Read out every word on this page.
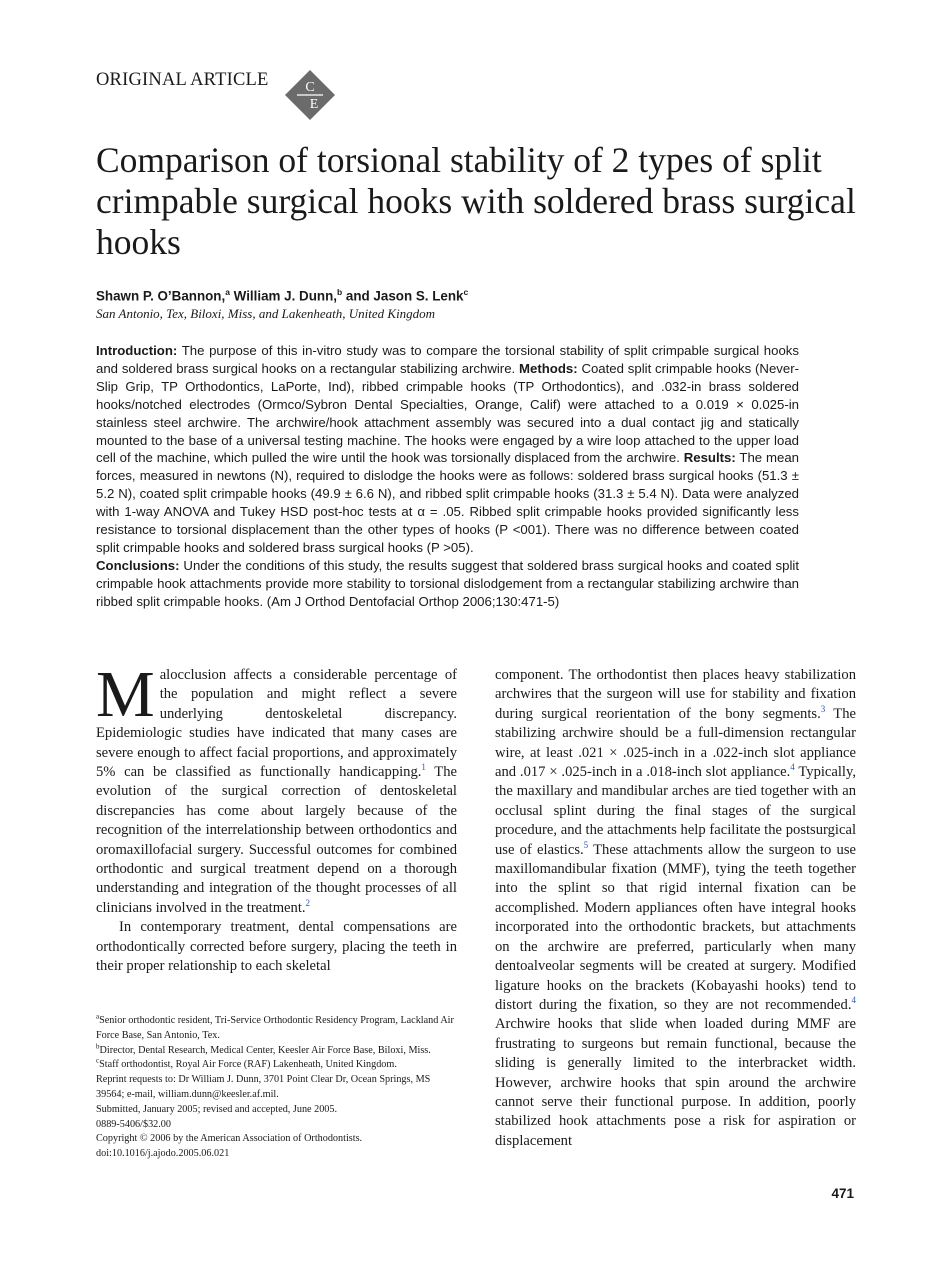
ORIGINAL ARTICLE	C
E
Comparison of torsional stability of 2 types of split crimpable surgical hooks with soldered brass surgical hooks
Shawn P. O’Bannon,$^a$ William J. Dunn,$^b$ and Jason S. Lenk$^c$
San Antonio, Tex, Biloxi, Miss, and Lakenheath, United Kingdom

Introduction: The purpose of this in-vitro study was to compare the torsional stability of split crimpable surgical hooks and soldered brass surgical hooks on a rectangular stabilizing archwire. Methods: Coated split crimpable hooks (Never-Slip Grip, TP Orthodontics, LaPorte, Ind), ribbed crimpable hooks (TP Orthodontics), and .032-in brass soldered hooks/notched electrodes (Ormco/Sybron Dental Specialties, Orange, Calif) were attached to a 0.019 × 0.025-in stainless steel archwire. The archwire/hook attachment assembly was secured into a dual contact jig and statically mounted to the base of a universal testing machine. The hooks were engaged by a wire loop attached to the upper load cell of the machine, which pulled the wire until the hook was torsionally displaced from the archwire. Results: The mean forces, measured in newtons (N), required to dislodge the hooks were as follows: soldered brass surgical hooks (51.3 ± 5.2 N), coated split crimpable hooks (49.9 ± 6.6 N), and ribbed split crimpable hooks (31.3 ± 5.4 N). Data were analyzed with 1-way ANOVA and Tukey HSD post-hoc tests at α = .05. Ribbed split crimpable hooks provided significantly less resistance to torsional displacement than the other types of hooks (P <001). There was no difference between coated split crimpable hooks and soldered brass surgical hooks (P >05).
Conclusions: Under the conditions of this study, the results suggest that soldered brass surgical hooks and coated split crimpable hook attachments provide more stability to torsional dislodgement from a rectangular stabilizing archwire than ribbed split crimpable hooks. (Am J Orthod Dentofacial Orthop 2006;130:471-5)

Malocclusion affects a considerable percentage of the population and might reflect a severe underlying dentoskeletal discrepancy. Epidemiologic studies have indicated that many cases are severe enough to affect facial proportions, and approximately 5% can be classified as functionally handicapping.$^1$ The evolution of the surgical correction of dentoskeletal discrepancies has come about largely because of the recognition of the interrelationship between orthodontics and oromaxillofacial surgery. Successful outcomes for combined orthodontic and surgical treatment depend on a thorough understanding and integration of the thought processes of all clinicians involved in the treatment.$^2$

In contemporary treatment, dental compensations are orthodontically corrected before surgery, placing the teeth in their proper relationship to each skeletal

component. The orthodontist then places heavy stabilization archwires that the surgeon will use for stability and fixation during surgical reorientation of the bony segments.$^3$ The stabilizing archwire should be a full-dimension rectangular wire, at least .021 × .025-inch in a .022-inch slot appliance and .017 × .025-inch in a .018-inch slot appliance.$^4$ Typically, the maxillary and mandibular arches are tied together with an occlusal splint during the final stages of the surgical procedure, and the attachments help facilitate the postsurgical use of elastics.$^5$ These attachments allow the surgeon to use maxillomandibular fixation (MMF), tying the teeth together into the splint so that rigid internal fixation can be accomplished. Modern appliances often have integral hooks incorporated into the orthodontic brackets, but attachments on the archwire are preferred, particularly when many dentoalveolar segments will be created at surgery. Modified ligature hooks on the brackets (Kobayashi hooks) tend to distort during the fixation, so they are not recommended.$^4$ Archwire hooks that slide when loaded during MMF are frustrating to surgeons but remain functional, because the sliding is generally limited to the interbracket width. However, archwire hooks that spin around the archwire cannot serve their functional purpose. In addition, poorly stabilized hook attachments pose a risk for aspiration or displacement

$^a$Senior orthodontic resident, Tri-Service Orthodontic Residency Program, Lackland Air Force Base, San Antonio, Tex.
$^b$Director, Dental Research, Medical Center, Keesler Air Force Base, Biloxi, Miss.
$^c$Staff orthodontist, Royal Air Force (RAF) Lakenheath, United Kingdom.
Reprint requests to: Dr William J. Dunn, 3701 Point Clear Dr, Ocean Springs, MS 39564; e-mail, william.dunn@keesler.af.mil.
Submitted, January 2005; revised and accepted, June 2005.
0889-5406/$32.00
Copyright © 2006 by the American Association of Orthodontists.
doi:10.1016/j.ajodo.2005.06.021
471
